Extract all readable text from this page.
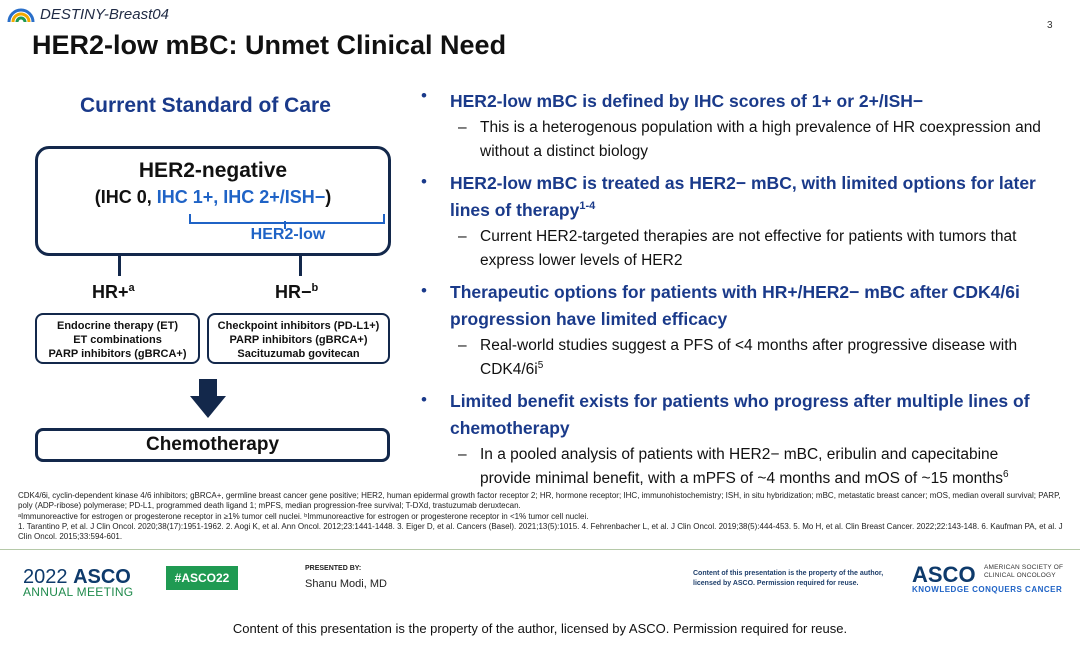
DESTINY-Breast04
3
HER2-low mBC: Unmet Clinical Need
Current Standard of Care
HER2-negative
(IHC 0, IHC 1+, IHC 2+/ISH−)
HER2-low
HR+$^a$	HR−$^b$
Endocrine therapy (ET)
ET combinations
PARP inhibitors (gBRCA+)
Checkpoint inhibitors (PD-L1+)
PARP inhibitors (gBRCA+)
Sacituzumab govitecan
Chemotherapy
• HER2-low mBC is defined by IHC scores of 1+ or 2+/ISH−
– This is a heterogenous population with a high prevalence of HR coexpression and without a distinct biology
• HER2-low mBC is treated as HER2− mBC, with limited options for later lines of therapy$^{1-4}$
– Current HER2-targeted therapies are not effective for patients with tumors that express lower levels of HER2
• Therapeutic options for patients with HR+/HER2− mBC after CDK4/6i progression have limited efficacy
– Real-world studies suggest a PFS of <4 months after progressive disease with $CDK4/6i^5$
• Limited benefit exists for patients who progress after multiple lines of chemotherapy
– In a pooled analysis of patients with HER2− mBC, eribulin and capecitabine provide minimal benefit, with a mPFS of ~4 months and mOS of ~15 months$^6$

CDK4/6i, cyclin-dependent kinase 4/6 inhibitors; gBRCA+, germline breast cancer gene positive; HER2, human epidermal growth factor receptor 2; HR, hormone receptor; IHC, immunohistochemistry; ISH, in situ hybridization; mBC, metastatic breast cancer; mOS, median overall survival; PARP, poly (ADP-ribose) polymerase; PD-L1, programmed death ligand 1; mPFS, median progression-free survival; T-DXd, trastuzumab deruxtecan.

ᵃImmunoreactive for estrogen or progesterone receptor in ≥1% tumor cell nuclei. ᵇImmunoreactive for estrogen or progesterone receptor in <1% tumor cell nuclei.

1. Tarantino P, et al. J Clin Oncol. 2020;38(17):1951-1962. 2. Aogi K, et al. Ann Oncol. 2012;23:1441-1448. 3. Eiger D, et al. Cancers (Basel). 2021;13(5):1015. 4. Fehrenbacher L, et al. J Clin Oncol. 2019;38(5):444-453. 5. Mo H, et al. Clin Breast Cancer. 2022;22:143-148. 6. Kaufman PA, et al. J Clin Oncol. 2015;33:594-601.

2022 ASCO
ANNUAL MEETING
#ASCO22
PRESENTED BY:
Shanu Modi, MD
Content of this presentation is the property of the author, licensed by ASCO. Permission required for reuse.	ASCO AMERICAN SOCIETY OF CLINICAL ONCOLOGY
KNOWLEDGE CONQUERS CANCER
Content of this presentation is the property of the author, licensed by ASCO. Permission required for reuse.
